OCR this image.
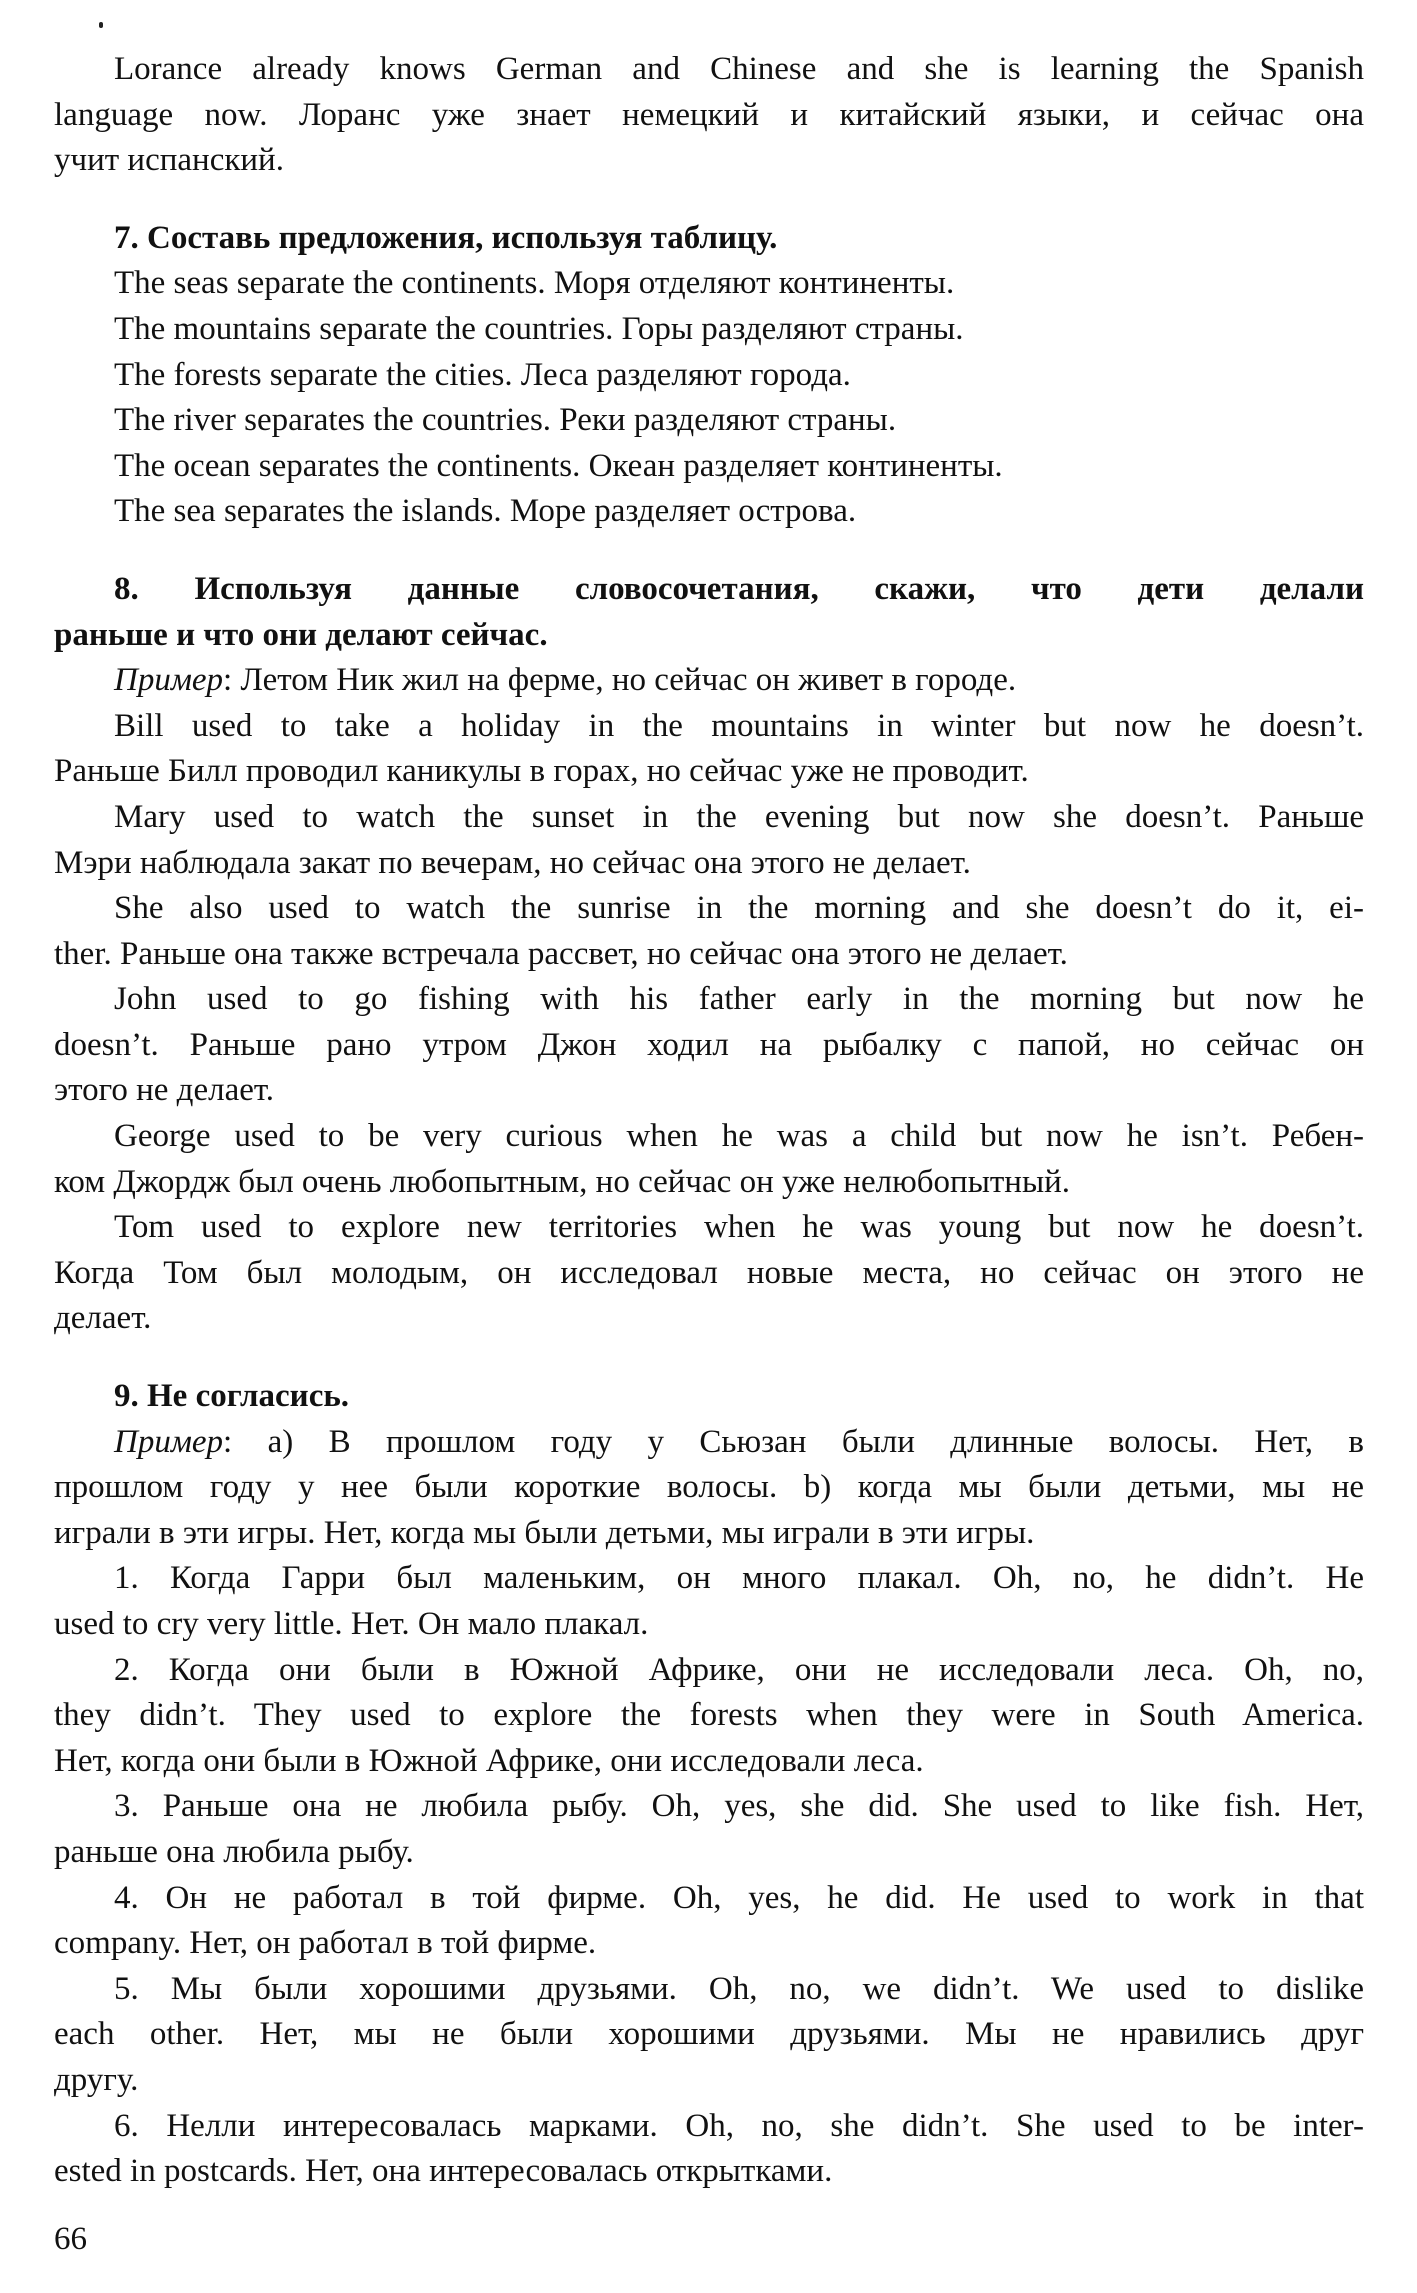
Lorance already knows German and Chinese and she is learning the Spanish
language now. Лоранс уже знает немецкий и китайский языки, и сейчас она
учит испанский.
7. Составь предложения, используя таблицу.
The seas separate the continents. Моря отделяют континенты.
The mountains separate the countries. Горы разделяют страны.
The forests separate the cities. Леса разделяют города.
The river separates the countries. Реки разделяют страны.
The ocean separates the continents. Океан разделяет континенты.
The sea separates the islands. Море разделяет острова.
8. Используя данные словосочетания, скажи, что дети делали
раньше и что они делают сейчас.
Пример: Летом Ник жил на ферме, но сейчас он живет в городе.
Bill used to take a holiday in the mountains in winter but now he doesn’t.
Раньше Билл проводил каникулы в горах, но сейчас уже не проводит.
Mary used to watch the sunset in the evening but now she doesn’t. Раньше
Мэри наблюдала закат по вечерам, но сейчас она этого не делает.
She also used to watch the sunrise in the morning and she doesn’t do it, ei-
ther. Раньше она также встречала рассвет, но сейчас она этого не делает.
John used to go fishing with his father early in the morning but now he
doesn’t. Раньше рано утром Джон ходил на рыбалку с папой, но сейчас он
этого не делает.
George used to be very curious when he was a child but now he isn’t. Ребен-
ком Джордж был очень любопытным, но сейчас он уже нелюбопытный.
Tom used to explore new territories when he was young but now he doesn’t.
Когда Том был молодым, он исследовал новые места, но сейчас он этого не
делает.
9. Не согласись.
Пример: а) В прошлом году у Сьюзан были длинные волосы. Нет, в
прошлом году у нее были короткие волосы. b) когда мы были детьми, мы не
играли в эти игры. Нет, когда мы были детьми, мы играли в эти игры.
1. Когда Гарри был маленьким, он много плакал. Oh, no, he didn’t. He
used to cry very little. Нет. Он мало плакал.
2. Когда они были в Южной Африке, они не исследовали леса. Oh, no,
they didn’t. They used to explore the forests when they were in South America.
Нет, когда они были в Южной Африке, они исследовали леса.
3. Раньше она не любила рыбу. Oh, yes, she did. She used to like fish. Нет,
раньше она любила рыбу.
4. Он не работал в той фирме. Oh, yes, he did. He used to work in that
company. Нет, он работал в той фирме.
5. Мы были хорошими друзьями. Oh, no, we didn’t. We used to dislike
each other. Нет, мы не были хорошими друзьями. Мы не нравились друг
другу.
6. Нелли интересовалась марками. Oh, no, she didn’t. She used to be inter-
ested in postcards. Нет, она интересовалась открытками.
66
